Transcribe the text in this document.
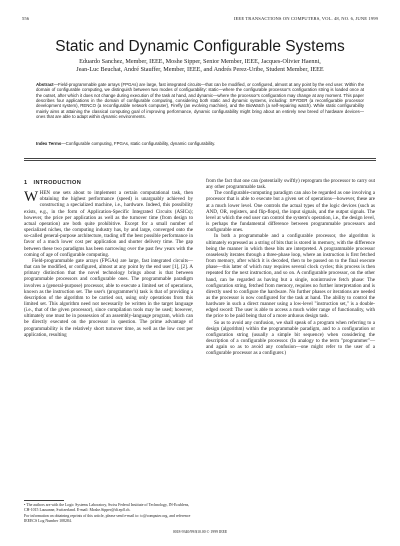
556	IEEE TRANSACTIONS ON COMPUTERS, VOL. 48, NO. 6, JUNE 1999
Static and Dynamic Configurable Systems
Eduardo Sanchez, Member, IEEE, Moshe Sipper, Senior Member, IEEE, Jacques-Olivier Haenni,
Jean-Luc Beuchat, André Stauffer, Member, IEEE, and Andrés Perez-Uribe, Student Member, IEEE
Abstract—Field-programmable gate arrays (FPGAs) are large, fast integrated circuits—that can be modified, or configured, almost at any point by the end user. Within the domain of configurable computing, we distinguish between two modes of configurability: static—where the configurable processor's configuration string is loaded once at the outset, after which it does not change during execution of the task at hand, and dynamic—where the processor's configuration may change at any moment. This paper describes four applications in the domain of configurable computing, considering both static and dynamic systems, including: SPYDER (a reconfigurable processor development system), RENCO (a reconfigurable network computer), Firefly (an evolving machine), and the BioWatch (a self-repairing watch). While static configurability mainly aims at attaining the classical computing goal of improving performance, dynamic configurability might bring about an entirely new breed of hardware devices—ones that are able to adapt within dynamic environments.
Index Terms—Configurable computing, FPGAs, static configurability, dynamic configurability.
1 INTRODUCTION

WHEN one sets about to implement a certain computational task, then obtaining the highest performance (speed) is unarguably achieved by constructing a specialized machine, i.e., hardware. Indeed, this possibility exists, e.g., in the form of Application-Specific Integrated Circuits (ASICs); however, the price per application as well as the turnover time (from design to actual operation) are both quite prohibitive. Except for a small number of specialized niches, the computing industry has, by and large, converged onto the so-called general-purpose architecture, trading off the best possible performance in favor of a much lower cost per application and shorter delivery time. The gap between these two paradigms has been narrowing over the past few years with the coming of age of configurable computing.

Field-programmable gate arrays (FPGAs) are large, fast integrated circuits—that can be modified, or configured, almost at any point by the end user [1], [2]. A primary distinction that the novel technology brings about is that between programmable processors and configurable ones. The programmable paradigm involves a (general-purpose) processor, able to execute a limited set of operations, known as the instruction set. The user's (programmer's) task is that of providing a description of the algorithm to be carried out, using only operations from this limited set. This algorithm need not necessarily be written in the target language (i.e., that of the given processor), since compilation tools may be used; however, ultimately one must be in possession of an assembly-language program, which can be directly executed on the processor in question. The prime advantage of programmability is the relatively short turnover time, as well as the low cost per application, resulting

• The authors are with the Logic Systems Laboratory, Swiss Federal Institute of Technology, IN-Ecublens, CH-1015 Lausanne, Switzerland. E-mail: Moshe.Sipper@di.epfl.ch.

For information on obtaining reprints of this article, please send e-mail to: tc@computer.org, and reference IEEECS Log Number 108284.

from the fact that one can (potentially swiftly) reprogram the processor to carry out any other programmable task.

The configurable-computing paradigm can also be regarded as one involving a processor that is able to execute but a given set of operations—however, these are at a much lower level. One controls the actual types of the logic devices (such as AND, OR, registers, and flip-flops), the input signals, and the output signals. The level at which the end user can control the system's operation, i.e., the design level, is perhaps the fundamental difference between programmable processors and configurable ones.

In both a programmable and a configurable processor, the algorithm is ultimately expressed as a string of bits that is stored in memory, with the difference being the manner in which these bits are interpreted. A programmable processor ceaselessly iterates through a three-phase loop, where an instruction is first fetched from memory, after which it is decoded, then to be passed on to the final execute phase—this latter of which may requires several clock cycles; this process is then repeated for the next instruction, and so on. A configurable processor, on the other hand, can be regarded as having but a single, nonintrusive fetch phase: The configuration string, fetched from memory, requires no further interpretation and is directly used to configure the hardware. No further phases or iterations are needed as the processor is now configured for the task at hand. The ability to control the hardware in such a direct manner using a low-level "instruction set," is a double-edged sword: The user is able to access a much wider range of functionality, with the price to be paid being that of a more arduous design task.

So as to avoid any confusion, we shall speak of a program when referring to a design (algorithm) within the programmable paradigm, and to a configuration or configuration string (usually a simple bit sequence) when considering the description of a configurable processor. (In analogy to the term "programmer"—and again so as to avoid any confusion—one might refer to the user of a configurable processor as a configurer.)

0018-9340/99/$10.00 © 1999 IEEE
